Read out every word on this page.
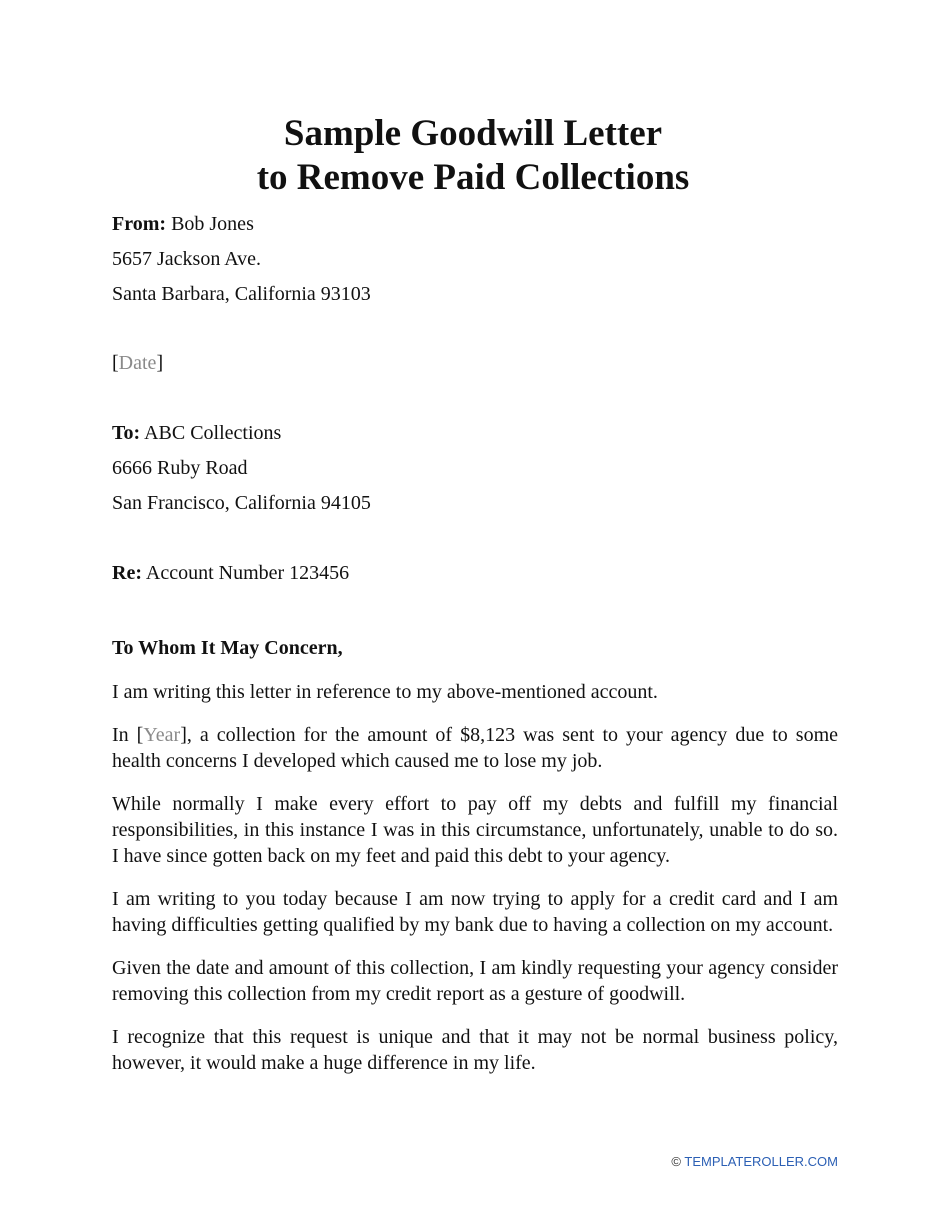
Sample Goodwill Letter
to Remove Paid Collections
From: Bob Jones
5657 Jackson Ave.
Santa Barbara, California 93103
[Date]
To: ABC Collections
6666 Ruby Road
San Francisco, California 94105
Re: Account Number 123456
To Whom It May Concern,

I am writing this letter in reference to my above-mentioned account.

In [Year], a collection for the amount of $8,123 was sent to your agency due to some health concerns I developed which caused me to lose my job.

While normally I make every effort to pay off my debts and fulfill my financial responsibilities, in this instance I was in this circumstance, unfortunately, unable to do so. I have since gotten back on my feet and paid this debt to your agency.

I am writing to you today because I am now trying to apply for a credit card and I am having difficulties getting qualified by my bank due to having a collection on my account.

Given the date and amount of this collection, I am kindly requesting your agency consider removing this collection from my credit report as a gesture of goodwill.

I recognize that this request is unique and that it may not be normal business policy, however, it would make a huge difference in my life.

© TEMPLATEROLLER.COM
